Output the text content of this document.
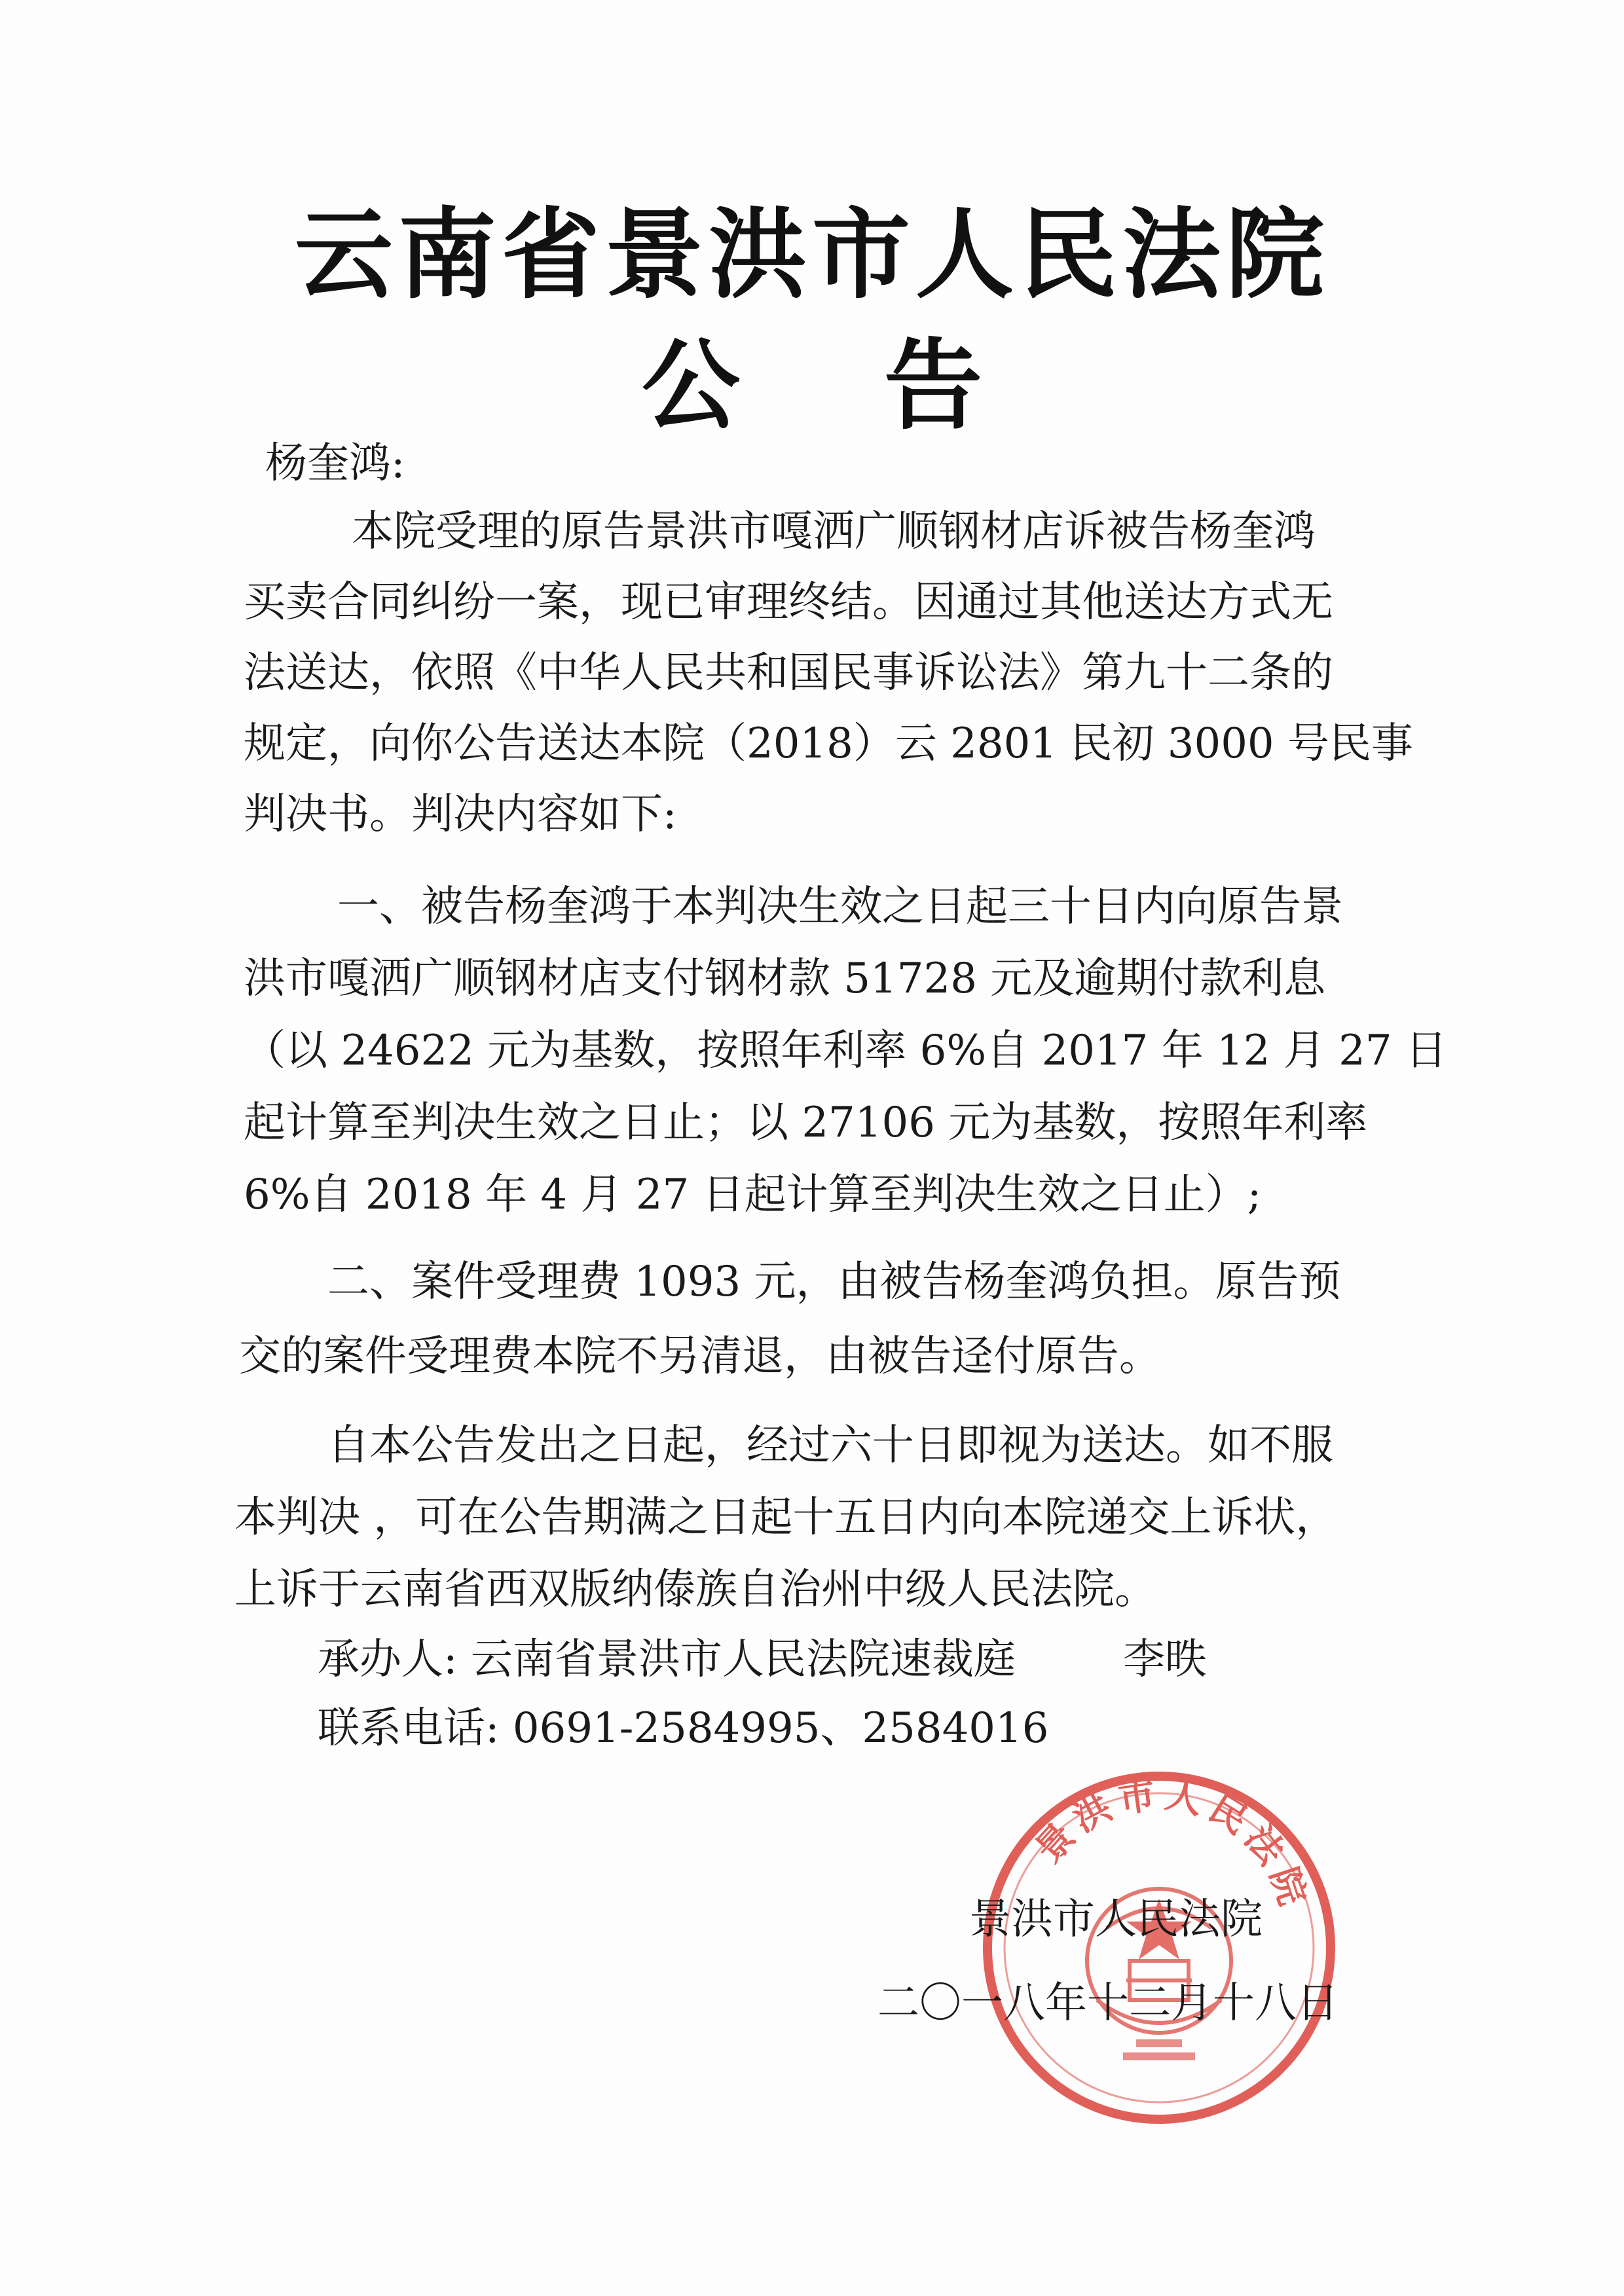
云南省景洪市人民法院
公 告
杨奎鸿:
本院受理的原告景洪市嘎洒广顺钢材店诉被告杨奎鸿
买卖合同纠纷一案，现已审理终结。因通过其他送达方式无
法送达，依照《中华人民共和国民事诉讼法》第九十二条的
规定，向你公告送达本院（2018）云 2801 民初 3000 号民事
判决书。判决内容如下:
一、被告杨奎鸿于本判决生效之日起三十日内向原告景
洪市嘎洒广顺钢材店支付钢材款 51728 元及逾期付款利息
（以 24622 元为基数，按照年利率 6%自 2017 年 12 月 27 日
起计算至判决生效之日止；以 27106 元为基数，按照年利率
6%自 2018 年 4 月 27 日起计算至判决生效之日止）;
二、案件受理费 1093 元，由被告杨奎鸿负担。原告预
交的案件受理费本院不另清退，由被告迳付原告。
自本公告发出之日起，经过六十日即视为送达。如不服
本判决 ，可在公告期满之日起十五日内向本院递交上诉状，
上诉于云南省西双版纳傣族自治州中级人民法院。
承办人: 云南省景洪市人民法院速裁庭	李昳
联系电话: 0691-2584995、2584016
景洪市人民法院
景洪市人民法院
二〇一八年十二月十八日
